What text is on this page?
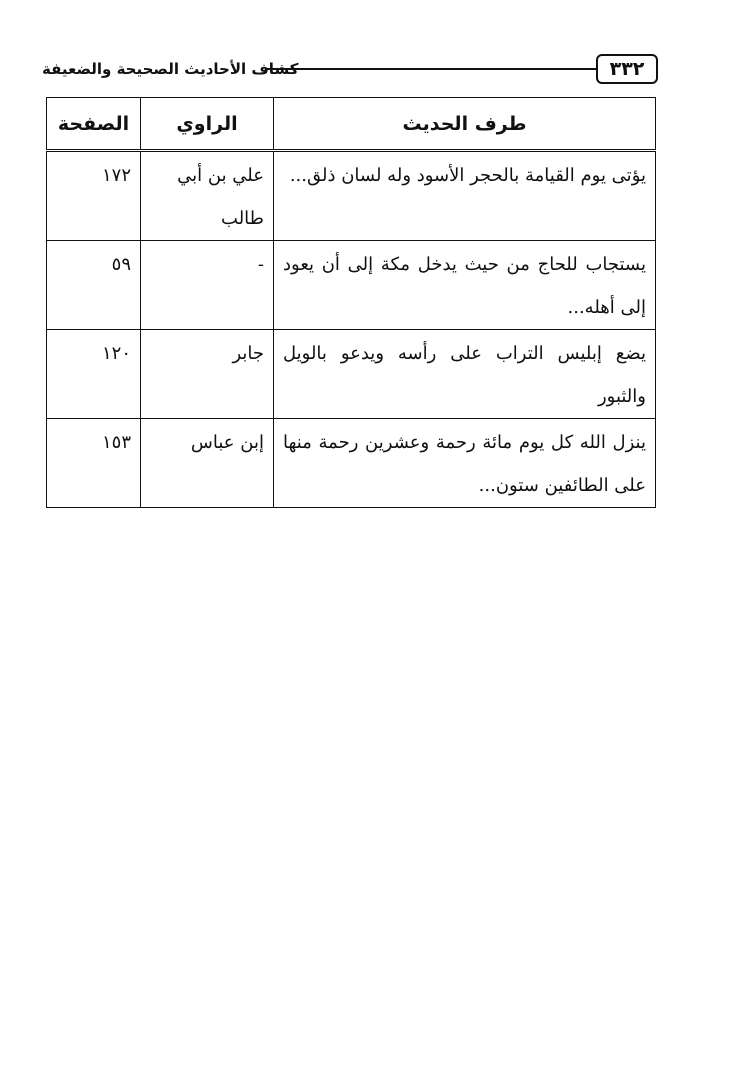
٣٣٢
كشاف الأحاديث الصحيحة والضعيفة
طرف الحديث	الراوي	الصفحة
يؤتى يوم القيامة بالحجر الأسود وله لسان ذلق...	علي بن أبي طالب	١٧٢
يستجاب للحاج من حيث يدخل مكة إلى أن يعود إلى أهله...	-	٥٩
يضع إبليس التراب على رأسه ويدعو بالويل والثبور	جابر	١٢٠
ينزل الله كل يوم مائة رحمة وعشرين رحمة منها على الطائفين ستون...	إبن عباس	١٥٣
